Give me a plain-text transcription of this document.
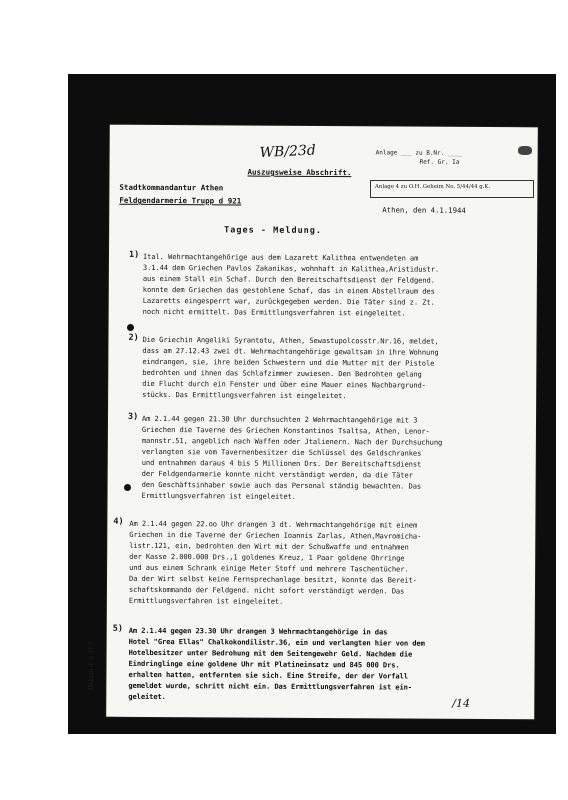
WB/23d	Anlage ___ zu B.Nr. ____
Ref. Gr. Ia
Auszugsweise Abschrift.
Stadtkommandantur Athen
Feldgendarmerie Trupp d 921
Athen, den 4.1.1944
Tages - Meldung.
1) Ital. Wehrmachtangehörige aus dem Lazarett Kalithea entwendeten am
3.1.44 dem Griechen Pavlos Zakanikas, wohnhaft in Kalithea,Aristidustr.
aus einem Stall ein Schaf. Durch den Bereitschaftsdienst der Feldgend.
konnte dem Griechen das gestohlene Schaf, das in einem Abstellraum des
Lazaretts eingesperrt war, zurückgegeben werden. Die Täter sind z. Zt.
noch nicht ermittelt. Das Ermittlungsverfahren ist eingeleitet.
2) Die Griechin Angeliki Syrantotu, Athen, Sewastupolcosstr.Nr.16, meldet,
dass am 27.12.43 zwei dt. Wehrmachtangehörige gewaltsam in ihre Wohnung
eindrangen, sie, ihre beiden Schwestern und die Mutter mit der Pistole
bedrohten und ihnen das Schlafzimmer zuwiesen. Den Bedrohten gelang
die Flucht durch ein Fenster und über eine Mauer eines Nachbargrund-
stücks. Das Ermittlungsverfahren ist eingeleitet.
3) Am 2.1.44 gegen 21.30 Uhr durchsuchten 2 Wehrmachtangehörige mit 3
Griechen die Taverne des Griechen Konstantinos Tsaltsa, Athen, Lenor-
mannstr.51, angeblich nach Waffen oder Jtalienern. Nach der Durchsuchung
verlangten sie vom Tavernenbesitzer die Schlüssel des Geldschrankes
und entnahmen daraus 4 bis 5 Millionen Drs. Der Bereitschaftsdienst
der Feldgendarmerie konnte nicht verständigt werden, da die Täter
den Geschäftsinhaber sowie auch das Personal ständig bewachten. Das
Ermittlungsverfahren ist eingeleitet.
4) Am 2.1.44 gegen 22.oo Uhr drangen 3 dt. Wehrmachtangehörige mit einem
Griechen in die Taverne der Griechen Ioannis Zarlas, Athen,Mavromicha-
listr.121, ein, bedrohten den Wirt mit der Schußwaffe und entnahmen
der Kasse 2.000.000 Drs.,1 goldenes Kreuz, 1 Paar goldene Ohrringe
und aus einem Schrank einige Meter Stoff und mehrere Taschentücher.
Da der Wirt selbst keine Fernsprechanlage besitzt, konnte das Bereit-
schaftskommando der Feldgend. nicht sofort verständigt werden. Das
Ermittlungsverfahren ist eingeleitet.
5) Am 2.1.44 gegen 23.30 Uhr drangen 3 Wehrmachtangehörige in das
Hotel "Grea Ellas" Chalkokondilistr.36, ein und verlangten hier von dem
Hotelbesitzer unter Bedrohung mit dem Seitengewehr Geld. Nachdem die
Eindringlinge eine goldene Uhr mit Platineinsatz und 845 000 Drs.
erhalten hatten, entfernten sie sich. Eine Streife, der der Vorfall
gemeldet wurde, schritt nicht ein. Das Ermittlungsverfahren ist ein-
geleitet.
/14
Anlage 4 zu O.H. Geheim No. 5/44/44 g.K.
Dokum 4 × 31 f
